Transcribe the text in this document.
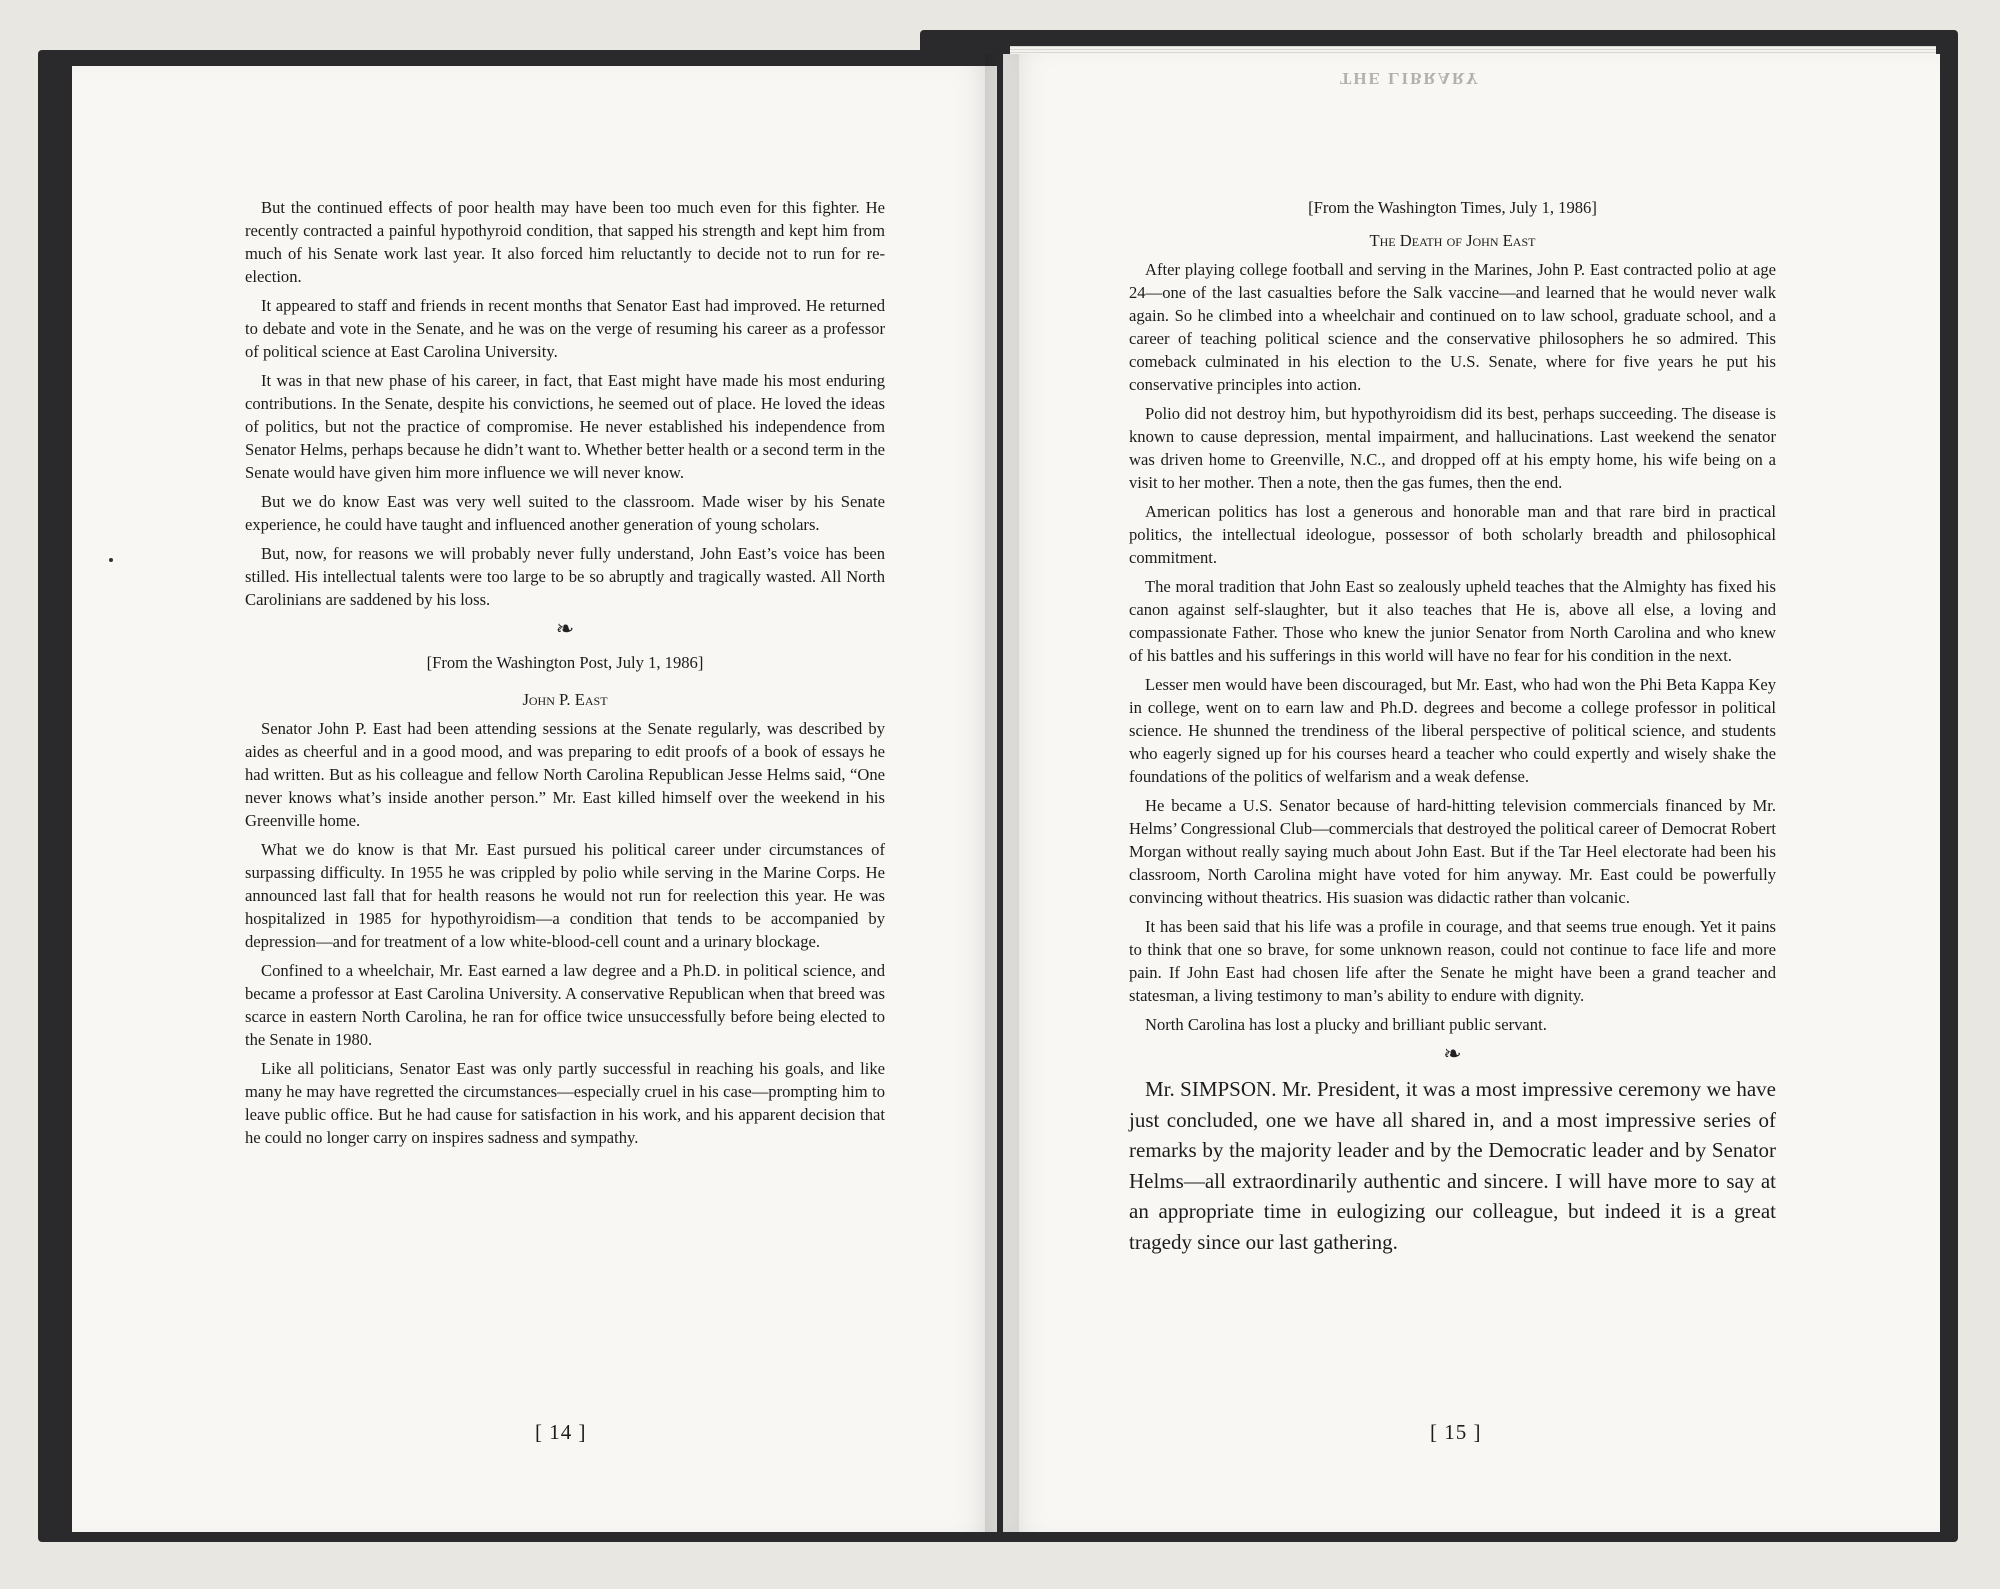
THE LIBRARY

But the continued effects of poor health may have been too much even for this fighter. He recently contracted a painful hypothyroid condition, that sapped his strength and kept him from much of his Senate work last year. It also forced him reluctantly to decide not to run for re-election.

It appeared to staff and friends in recent months that Senator East had improved. He returned to debate and vote in the Senate, and he was on the verge of resuming his career as a professor of political science at East Carolina University.

It was in that new phase of his career, in fact, that East might have made his most enduring contributions. In the Senate, despite his convictions, he seemed out of place. He loved the ideas of politics, but not the practice of compromise. He never established his independence from Senator Helms, perhaps because he didn’t want to. Whether better health or a second term in the Senate would have given him more influence we will never know.

But we do know East was very well suited to the classroom. Made wiser by his Senate experience, he could have taught and influenced another generation of young scholars.

But, now, for reasons we will probably never fully understand, John East’s voice has been stilled. His intellectual talents were too large to be so abruptly and tragically wasted. All North Carolinians are saddened by his loss.

❧

[From the Washington Post, July 1, 1986]

John P. East

Senator John P. East had been attending sessions at the Senate regularly, was described by aides as cheerful and in a good mood, and was preparing to edit proofs of a book of essays he had written. But as his colleague and fellow North Carolina Republican Jesse Helms said, “One never knows what’s inside another person.” Mr. East killed himself over the weekend in his Greenville home.

What we do know is that Mr. East pursued his political career under circumstances of surpassing difficulty. In 1955 he was crippled by polio while serving in the Marine Corps. He announced last fall that for health reasons he would not run for reelection this year. He was hospitalized in 1985 for hypothyroidism—a condition that tends to be accompanied by depression—and for treatment of a low white-blood-cell count and a urinary blockage.

Confined to a wheelchair, Mr. East earned a law degree and a Ph.D. in political science, and became a professor at East Carolina University. A conservative Republican when that breed was scarce in eastern North Carolina, he ran for office twice unsuccessfully before being elected to the Senate in 1980.

Like all politicians, Senator East was only partly successful in reaching his goals, and like many he may have regretted the circumstances—especially cruel in his case—prompting him to leave public office. But he had cause for satisfaction in his work, and his apparent decision that he could no longer carry on inspires sadness and sympathy.

[ 14 ]

[From the Washington Times, July 1, 1986]

The Death of John East

After playing college football and serving in the Marines, John P. East contracted polio at age 24—one of the last casualties before the Salk vaccine—and learned that he would never walk again. So he climbed into a wheelchair and continued on to law school, graduate school, and a career of teaching political science and the conservative philosophers he so admired. This comeback culminated in his election to the U.S. Senate, where for five years he put his conservative principles into action.

Polio did not destroy him, but hypothyroidism did its best, perhaps succeeding. The disease is known to cause depression, mental impairment, and hallucinations. Last weekend the senator was driven home to Greenville, N.C., and dropped off at his empty home, his wife being on a visit to her mother. Then a note, then the gas fumes, then the end.

American politics has lost a generous and honorable man and that rare bird in practical politics, the intellectual ideologue, possessor of both scholarly breadth and philosophical commitment.

The moral tradition that John East so zealously upheld teaches that the Almighty has fixed his canon against self-slaughter, but it also teaches that He is, above all else, a loving and compassionate Father. Those who knew the junior Senator from North Carolina and who knew of his battles and his sufferings in this world will have no fear for his condition in the next.

Lesser men would have been discouraged, but Mr. East, who had won the Phi Beta Kappa Key in college, went on to earn law and Ph.D. degrees and become a college professor in political science. He shunned the trendiness of the liberal perspective of political science, and students who eagerly signed up for his courses heard a teacher who could expertly and wisely shake the foundations of the politics of welfarism and a weak defense.

He became a U.S. Senator because of hard-hitting television commercials financed by Mr. Helms’ Congressional Club—commercials that destroyed the political career of Democrat Robert Morgan without really saying much about John East. But if the Tar Heel electorate had been his classroom, North Carolina might have voted for him anyway. Mr. East could be powerfully convincing without theatrics. His suasion was didactic rather than volcanic.

It has been said that his life was a profile in courage, and that seems true enough. Yet it pains to think that one so brave, for some unknown reason, could not continue to face life and more pain. If John East had chosen life after the Senate he might have been a grand teacher and statesman, a living testimony to man’s ability to endure with dignity.

North Carolina has lost a plucky and brilliant public servant.

❧

Mr. SIMPSON. Mr. President, it was a most impressive ceremony we have just concluded, one we have all shared in, and a most impressive series of remarks by the majority leader and by the Democratic leader and by Senator Helms—all extraordinarily authentic and sincere. I will have more to say at an appropriate time in eulogizing our colleague, but indeed it is a great tragedy since our last gathering.

[ 15 ]
